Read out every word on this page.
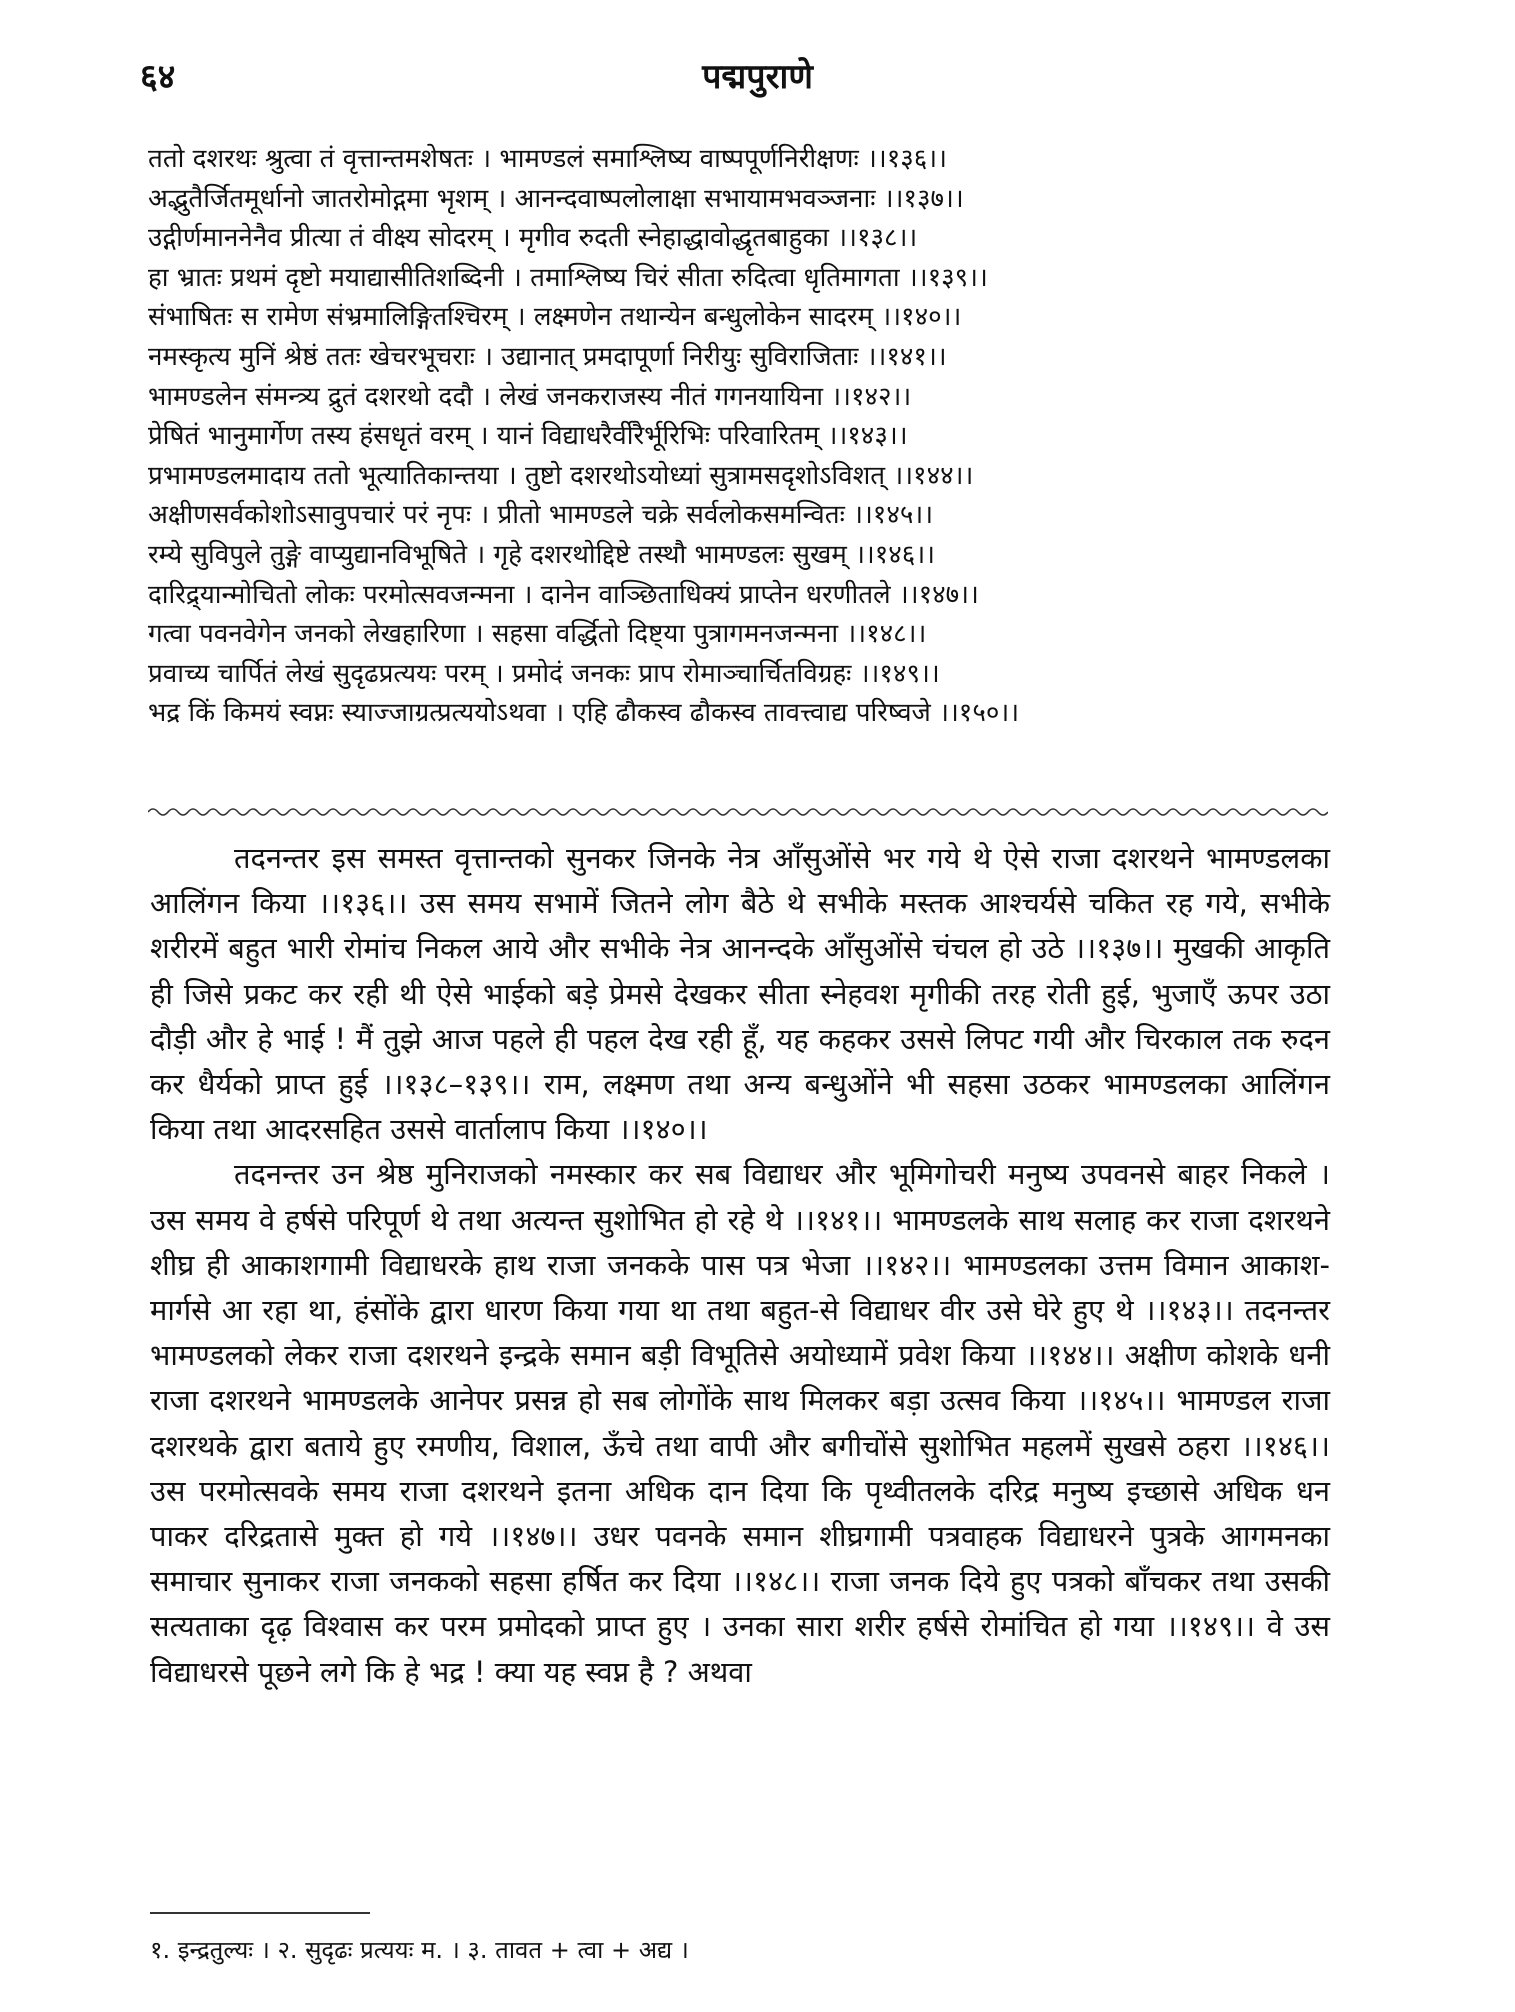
६४	पद्मपुराणे
ततो दशरथः श्रुत्वा तं वृत्तान्तमशेषतः । भामण्डलं समाश्लिष्य वाष्पपूर्णनिरीक्षणः ।।१३६।।
अद्भुतैर्जितमूर्धानो जातरोमोद्गमा भृशम् । आनन्दवाष्पलोलाक्षा सभायामभवञ्जनाः ।।१३७।।
उद्गीर्णमाननेनैव प्रीत्या तं वीक्ष्य सोदरम् । मृगीव रुदती स्नेहाद्धावोद्धृतबाहुका ।।१३८।।
हा भ्रातः प्रथमं दृष्टो मयाद्यासीतिशब्दिनी । तमाश्लिष्य चिरं सीता रुदित्वा धृतिमागता ।।१३९।।
संभाषितः स रामेण संभ्रमालिङ्गितश्चिरम् । लक्ष्मणेन तथान्येन बन्धुलोकेन सादरम् ।।१४०।।
नमस्कृत्य मुनिं श्रेष्ठं ततः खेचरभूचराः । उद्यानात् प्रमदापूर्णा निरीयुः सुविराजिताः ।।१४१।।
भामण्डलेन संमन्त्र्य द्रुतं दशरथो ददौ । लेखं जनकराजस्य नीतं गगनयायिना ।।१४२।।
प्रेषितं भानुमार्गेण तस्य हंसधृतं वरम् । यानं विद्याधरैर्वीरैर्भूरिभिः परिवारितम् ।।१४३।।
प्रभामण्डलमादाय ततो भूत्यातिकान्तया । तुष्टो दशरथोऽयोध्यां सुत्रामसदृशोऽविशत् ।।१४४।।
अक्षीणसर्वकोशोऽसावुपचारं परं नृपः । प्रीतो भामण्डले चक्रे सर्वलोकसमन्वितः ।।१४५।।
रम्ये सुविपुले तुङ्गे वाप्युद्यानविभूषिते । गृहे दशरथोद्दिष्टे तस्थौ भामण्डलः सुखम् ।।१४६।।
दारिद्र्यान्मोचितो लोकः परमोत्सवजन्मना । दानेन वाञ्छिताधिक्यं प्राप्तेन धरणीतले ।।१४७।।
गत्वा पवनवेगेन जनको लेखहारिणा । सहसा वर्द्धितो दिष्ट्या पुत्रागमनजन्मना ।।१४८।।
प्रवाच्य चार्पितं लेखं सुदृढप्रत्ययः परम् । प्रमोदं जनकः प्राप रोमाञ्चार्चितविग्रहः ।।१४९।।
भद्र किं किमयं स्वप्नः स्याज्जाग्रत्प्रत्ययोऽथवा । एहि ढौकस्व ढौकस्व तावत्त्वाद्य परिष्वजे ।।१५०।।

तदनन्तर इस समस्त वृत्तान्तको सुनकर जिनके नेत्र आँसुओंसे भर गये थे ऐसे राजा दशरथने भामण्डलका आलिंगन किया ।।१३६।। उस समय सभामें जितने लोग बैठे थे सभीके मस्तक आश्चर्यसे चकित रह गये, सभीके शरीरमें बहुत भारी रोमांच निकल आये और सभीके नेत्र आनन्दके आँसुओंसे चंचल हो उठे ।।१३७।। मुखकी आकृति ही जिसे प्रकट कर रही थी ऐसे भाईको बड़े प्रेमसे देखकर सीता स्नेहवश मृगीकी तरह रोती हुई, भुजाएँ ऊपर उठा दौड़ी और हे भाई ! मैं तुझे आज पहले ही पहल देख रही हूँ, यह कहकर उससे लिपट गयी और चिरकाल तक रुदन कर धैर्यको प्राप्त हुई ।।१३८–१३९।। राम, लक्ष्मण तथा अन्य बन्धुओंने भी सहसा उठकर भामण्डलका आलिंगन किया तथा आदरसहित उससे वार्तालाप किया ।।१४०।।

तदनन्तर उन श्रेष्ठ मुनिराजको नमस्कार कर सब विद्याधर और भूमिगोचरी मनुष्य उपवनसे बाहर निकले । उस समय वे हर्षसे परिपूर्ण थे तथा अत्यन्त सुशोभित हो रहे थे ।।१४१।। भामण्डलके साथ सलाह कर राजा दशरथने शीघ्र ही आकाशगामी विद्याधरके हाथ राजा जनकके पास पत्र भेजा ।।१४२।। भामण्डलका उत्तम विमान आकाश-मार्गसे आ रहा था, हंसोंके द्वारा धारण किया गया था तथा बहुत-से विद्याधर वीर उसे घेरे हुए थे ।।१४३।। तदनन्तर भामण्डलको लेकर राजा दशरथने इन्द्रके समान बड़ी विभूतिसे अयोध्यामें प्रवेश किया ।।१४४।। अक्षीण कोशके धनी राजा दशरथने भामण्डलके आनेपर प्रसन्न हो सब लोगोंके साथ मिलकर बड़ा उत्सव किया ।।१४५।। भामण्डल राजा दशरथके द्वारा बताये हुए रमणीय, विशाल, ऊँचे तथा वापी और बगीचोंसे सुशोभित महलमें सुखसे ठहरा ।।१४६।। उस परमोत्सवके समय राजा दशरथने इतना अधिक दान दिया कि पृथ्वीतलके दरिद्र मनुष्य इच्छासे अधिक धन पाकर दरिद्रतासे मुक्त हो गये ।।१४७।। उधर पवनके समान शीघ्रगामी पत्रवाहक विद्याधरने पुत्रके आगमनका समाचार सुनाकर राजा जनकको सहसा हर्षित कर दिया ।।१४८।। राजा जनक दिये हुए पत्रको बाँचकर तथा उसकी सत्यताका दृढ़ विश्वास कर परम प्रमोदको प्राप्त हुए । उनका सारा शरीर हर्षसे रोमांचित हो गया ।।१४९।। वे उस विद्याधरसे पूछने लगे कि हे भद्र ! क्या यह स्वप्न है ? अथवा

१. इन्द्रतुल्यः । २. सुदृढः प्रत्ययः म. । ३. तावत + त्वा + अद्य ।
